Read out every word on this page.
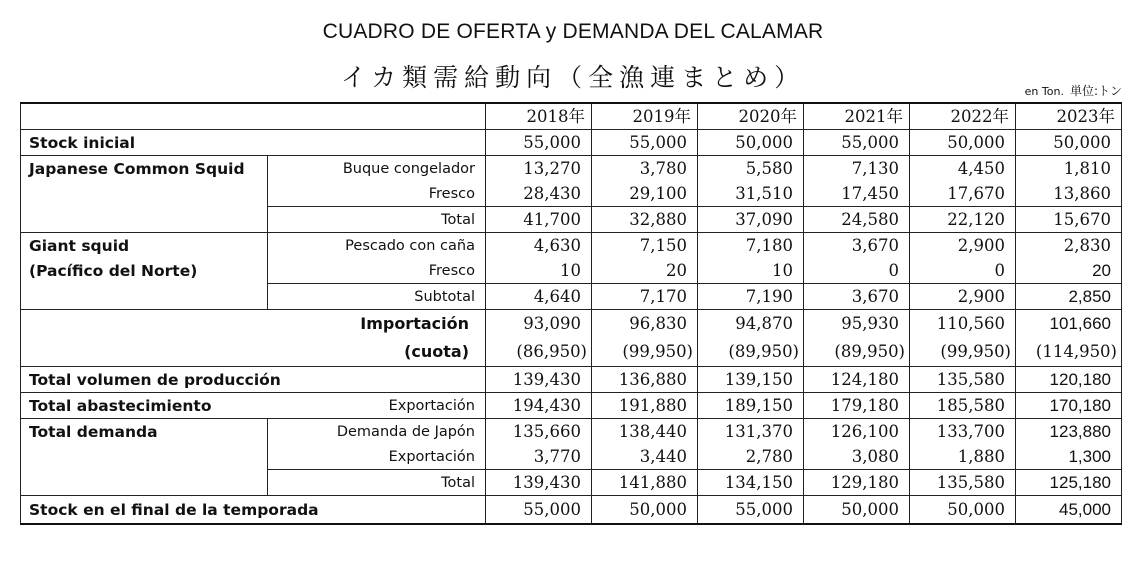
CUADRO DE OFERTA y DEMANDA DEL CALAMAR
イカ類需給動向（全漁連まとめ）	en Ton. 単位:トン
		2018年	2019年	2020年	2021年	2022年	2023年
Stock inicial		55,000	55,000	50,000	55,000	50,000	50,000
Japanese Common Squid	Buque congelador	13,270	3,780	5,580	7,130	4,450	1,810
	Fresco	28,430	29,100	31,510	17,450	17,670	13,860
	Total	41,700	32,880	37,090	24,580	22,120	15,670
Giant squid	Pescado con caña	4,630	7,150	7,180	3,670	2,900	2,830
(Pacífico del Norte)	Fresco	10	20	10	0	0	20
	Subtotal	4,640	7,170	7,190	3,670	2,900	2,850
Importación		93,090	96,830	94,870	95,930	110,560	101,660
(cuota)		(86,950)	(99,950)	(89,950)	(89,950)	(99,950)	(114,950)
Total volumen de producción		139,430	136,880	139,150	124,180	135,580	120,180
Total abastecimiento	Exportación	194,430	191,880	189,150	179,180	185,580	170,180
Total demanda	Demanda de Japón	135,660	138,440	131,370	126,100	133,700	123,880
	Exportación	3,770	3,440	2,780	3,080	1,880	1,300
	Total	139,430	141,880	134,150	129,180	135,580	125,180
Stock en el final de la temporada		55,000	50,000	55,000	50,000	50,000	45,000
